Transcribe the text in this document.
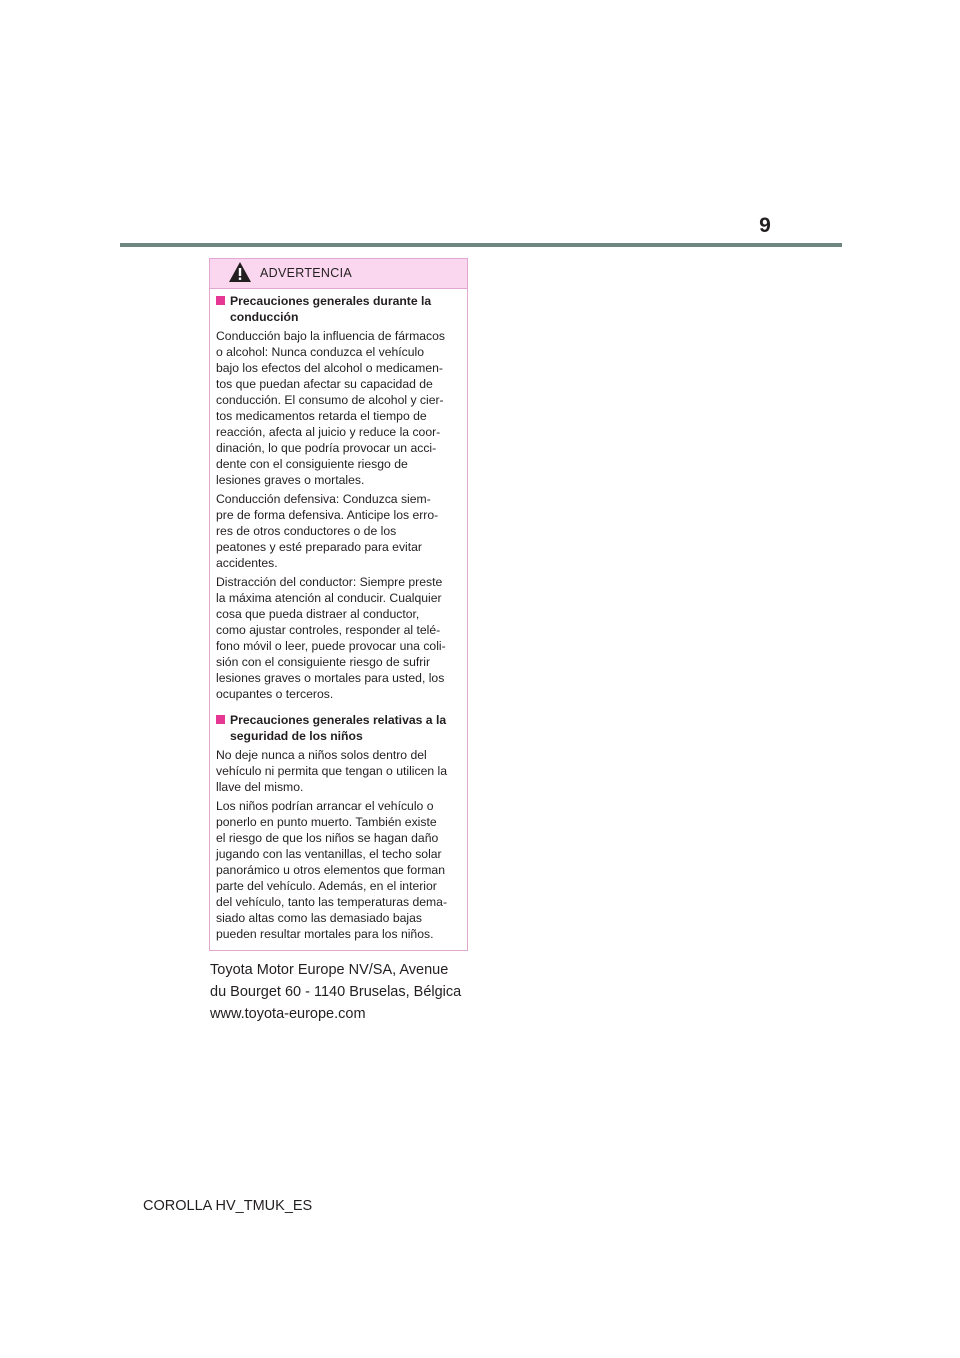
9
ADVERTENCIA
Precauciones generales durante la
conducción

Conducción bajo la influencia de fármacos
o alcohol: Nunca conduzca el vehículo
bajo los efectos del alcohol o medicamen-
tos que puedan afectar su capacidad de
conducción. El consumo de alcohol y cier-
tos medicamentos retarda el tiempo de
reacción, afecta al juicio y reduce la coor-
dinación, lo que podría provocar un acci-
dente con el consiguiente riesgo de
lesiones graves o mortales.

Conducción defensiva: Conduzca siem-
pre de forma defensiva. Anticipe los erro-
res de otros conductores o de los
peatones y esté preparado para evitar
accidentes.

Distracción del conductor: Siempre preste
la máxima atención al conducir. Cualquier
cosa que pueda distraer al conductor,
como ajustar controles, responder al telé-
fono móvil o leer, puede provocar una coli-
sión con el consiguiente riesgo de sufrir
lesiones graves o mortales para usted, los
ocupantes o terceros.

Precauciones generales relativas a la
seguridad de los niños

No deje nunca a niños solos dentro del
vehículo ni permita que tengan o utilicen la
llave del mismo.

Los niños podrían arrancar el vehículo o
ponerlo en punto muerto. También existe
el riesgo de que los niños se hagan daño
jugando con las ventanillas, el techo solar
panorámico u otros elementos que forman
parte del vehículo. Además, en el interior
del vehículo, tanto las temperaturas dema-
siado altas como las demasiado bajas
pueden resultar mortales para los niños.

Toyota Motor Europe NV/SA, Avenue
du Bourget 60 - 1140 Bruselas, Bélgica
www.toyota-europe.com
COROLLA HV_TMUK_ES
